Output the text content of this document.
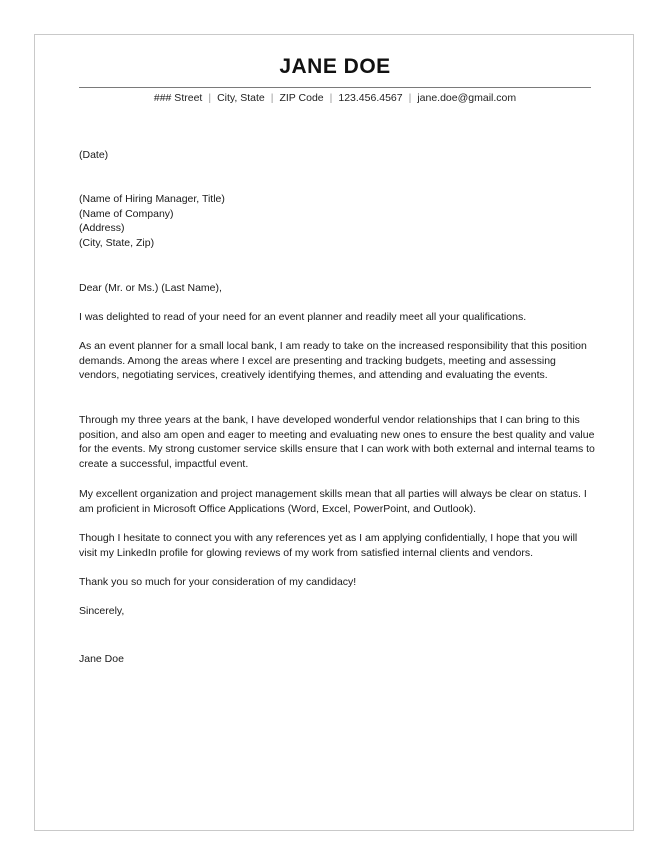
JANE DOE
### Street | City, State | ZIP Code | 123.456.4567 | jane.doe@gmail.com

(Date)

(Name of Hiring Manager, Title)

(Name of Company)

(Address)

(City, State, Zip)

Dear (Mr. or Ms.) (Last Name),

I was delighted to read of your need for an event planner and readily meet all your qualifications.

As an event planner for a small local bank, I am ready to take on the increased responsibility that this position demands. Among the areas where I excel are presenting and tracking budgets, meeting and assessing vendors, negotiating services, creatively identifying themes, and attending and evaluating the events.

Through my three years at the bank, I have developed wonderful vendor relationships that I can bring to this position, and also am open and eager to meeting and evaluating new ones to ensure the best quality and value for the events. My strong customer service skills ensure that I can work with both external and internal teams to create a successful, impactful event.

My excellent organization and project management skills mean that all parties will always be clear on status. I am proficient in Microsoft Office Applications (Word, Excel, PowerPoint, and Outlook).

Though I hesitate to connect you with any references yet as I am applying confidentially, I hope that you will visit my LinkedIn profile for glowing reviews of my work from satisfied internal clients and vendors.

Thank you so much for your consideration of my candidacy!

Sincerely,

Jane Doe
